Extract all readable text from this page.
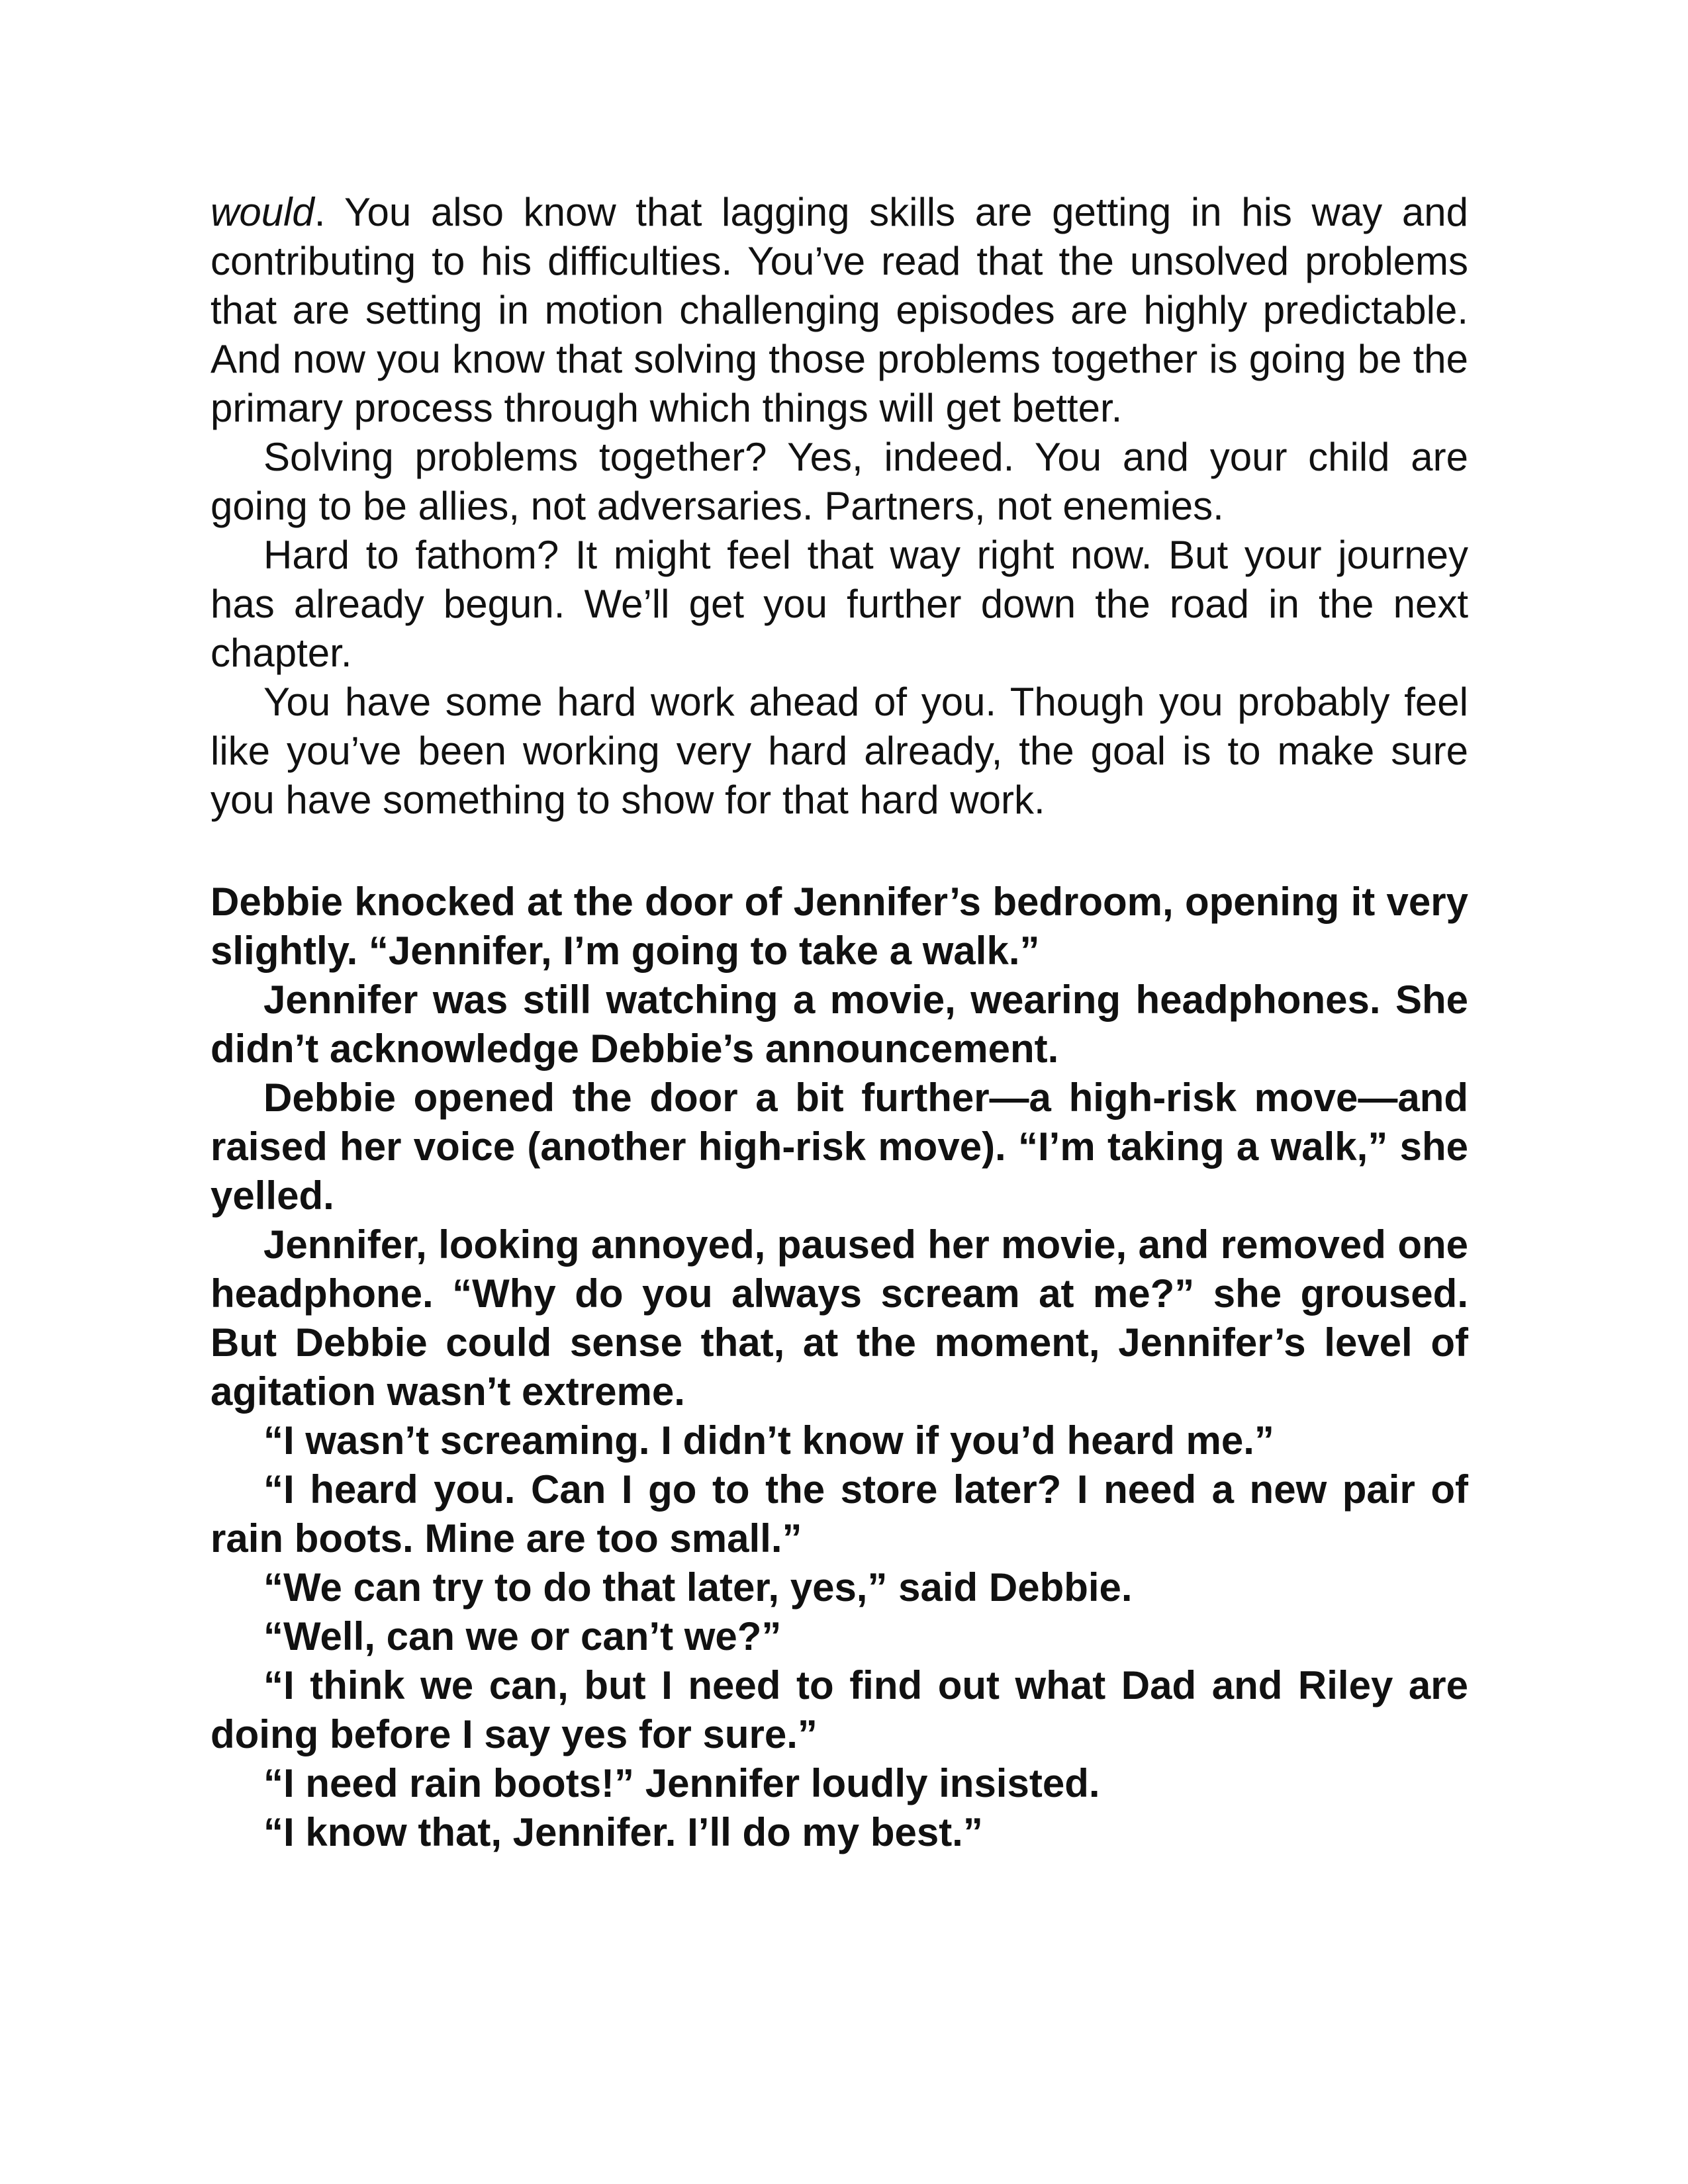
would. You also know that lagging skills are getting in his way and contributing to his difficulties. You’ve read that the unsolved problems that are setting in motion challenging episodes are highly predictable. And now you know that solving those problems together is going be the primary process through which things will get better.

Solving problems together? Yes, indeed. You and your child are going to be allies, not adversaries. Partners, not enemies.

Hard to fathom? It might feel that way right now. But your journey has already begun. We’ll get you further down the road in the next chapter.

You have some hard work ahead of you. Though you probably feel like you’ve been working very hard already, the goal is to make sure you have something to show for that hard work.

Debbie knocked at the door of Jennifer’s bedroom, opening it very slightly. “Jennifer, I’m going to take a walk.”

Jennifer was still watching a movie, wearing headphones. She didn’t acknowledge Debbie’s announcement.

Debbie opened the door a bit further—a high-risk move—and raised her voice (another high-risk move). “I’m taking a walk,” she yelled.

Jennifer, looking annoyed, paused her movie, and removed one headphone. “Why do you always scream at me?” she groused. But Debbie could sense that, at the moment, Jennifer’s level of agitation wasn’t extreme.

“I wasn’t screaming. I didn’t know if you’d heard me.”

“I heard you. Can I go to the store later? I need a new pair of rain boots. Mine are too small.”

“We can try to do that later, yes,” said Debbie.

“Well, can we or can’t we?”

“I think we can, but I need to find out what Dad and Riley are doing before I say yes for sure.”

“I need rain boots!” Jennifer loudly insisted.

“I know that, Jennifer. I’ll do my best.”
